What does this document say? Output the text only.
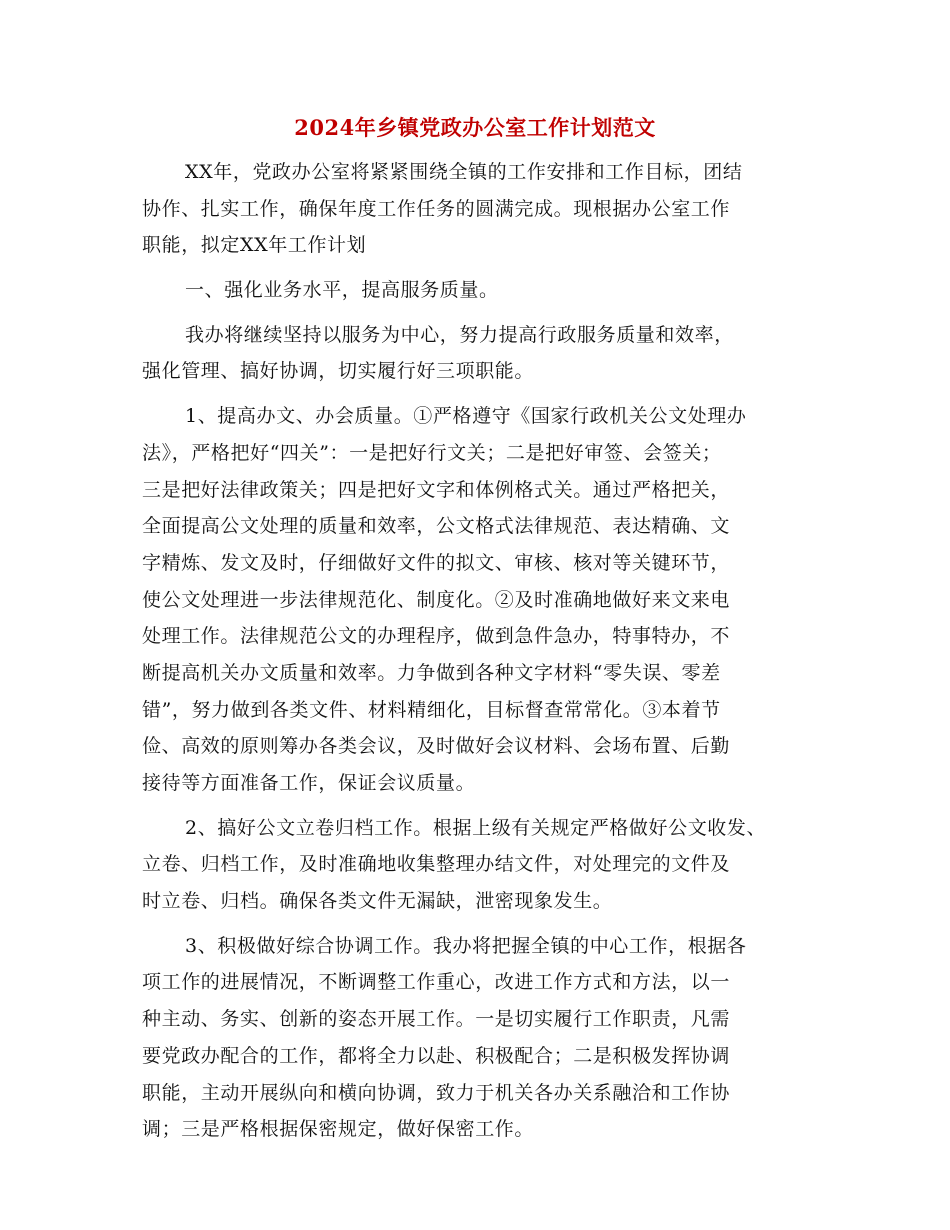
2024年乡镇党政办公室工作计划范文
XX年，党政办公室将紧紧围绕全镇的工作安排和工作目标，团结
协作、扎实工作，确保年度工作任务的圆满完成。现根据办公室工作
职能，拟定XX年工作计划
一、强化业务水平，提高服务质量。
我办将继续坚持以服务为中心，努力提高行政服务质量和效率，
强化管理、搞好协调，切实履行好三项职能。
1、提高办文、办会质量。①严格遵守《国家行政机关公文处理办
法》，严格把好“四关”：一是把好行文关；二是把好审签、会签关；
三是把好法律政策关；四是把好文字和体例格式关。通过严格把关，
全面提高公文处理的质量和效率，公文格式法律规范、表达精确、文
字精炼、发文及时，仔细做好文件的拟文、审核、核对等关键环节，
使公文处理进一步法律规范化、制度化。②及时准确地做好来文来电
处理工作。法律规范公文的办理程序，做到急件急办，特事特办，不
断提高机关办文质量和效率。力争做到各种文字材料“零失误、零差
错”，努力做到各类文件、材料精细化，目标督查常常化。③本着节
俭、高效的原则筹办各类会议，及时做好会议材料、会场布置、后勤
接待等方面准备工作，保证会议质量。
2、搞好公文立卷归档工作。根据上级有关规定严格做好公文收发、
立卷、归档工作，及时准确地收集整理办结文件，对处理完的文件及
时立卷、归档。确保各类文件无漏缺，泄密现象发生。
3、积极做好综合协调工作。我办将把握全镇的中心工作，根据各
项工作的进展情况，不断调整工作重心，改进工作方式和方法，以一
种主动、务实、创新的姿态开展工作。一是切实履行工作职责，凡需
要党政办配合的工作，都将全力以赴、积极配合；二是积极发挥协调
职能，主动开展纵向和横向协调，致力于机关各办关系融洽和工作协
调；三是严格根据保密规定，做好保密工作。
